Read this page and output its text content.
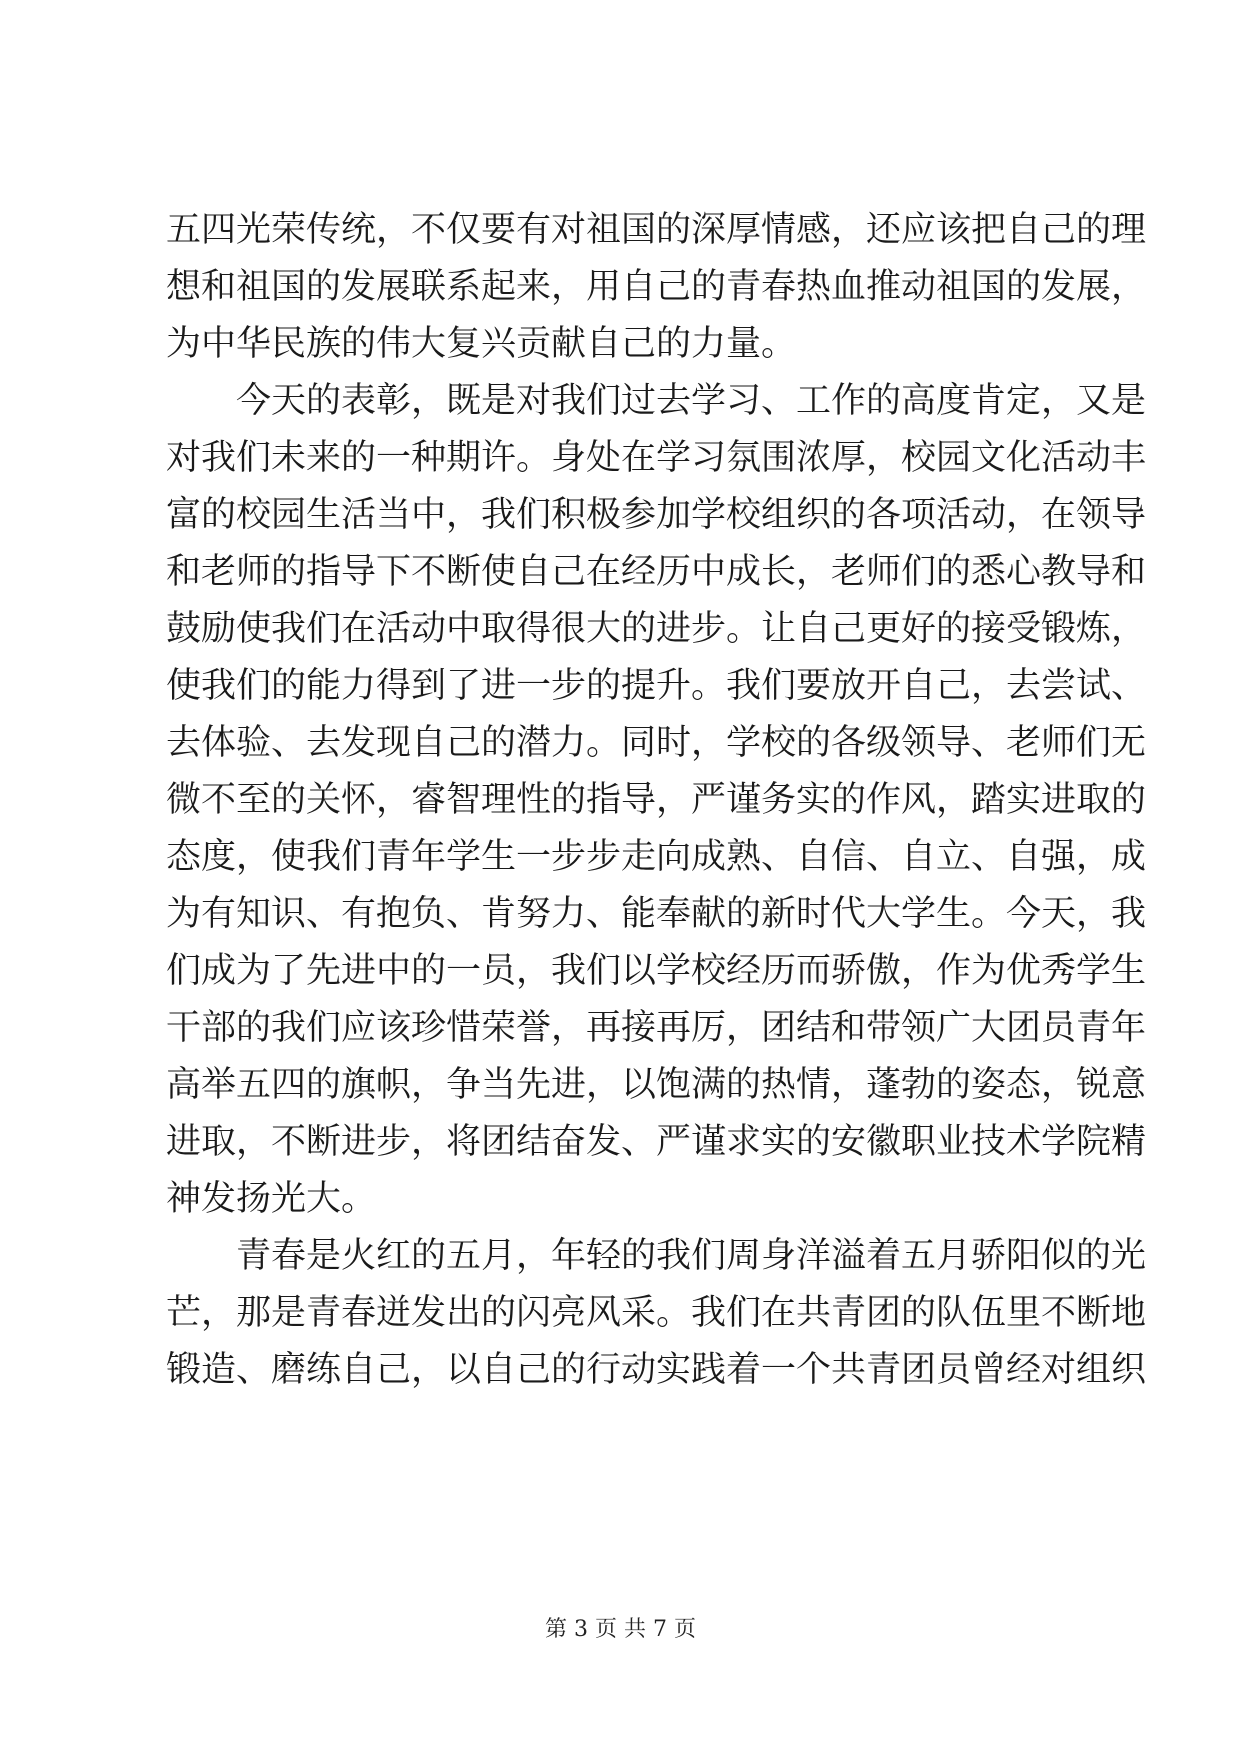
五四光荣传统，不仅要有对祖国的深厚情感，还应该把自己的理
想和祖国的发展联系起来，用自己的青春热血推动祖国的发展，
为中华民族的伟大复兴贡献自己的力量。
今天的表彰，既是对我们过去学习、工作的高度肯定，又是
对我们未来的一种期许。身处在学习氛围浓厚，校园文化活动丰
富的校园生活当中，我们积极参加学校组织的各项活动，在领导
和老师的指导下不断使自己在经历中成长，老师们的悉心教导和
鼓励使我们在活动中取得很大的进步。让自己更好的接受锻炼，
使我们的能力得到了进一步的提升。我们要放开自己，去尝试、
去体验、去发现自己的潜力。同时，学校的各级领导、老师们无
微不至的关怀，睿智理性的指导，严谨务实的作风，踏实进取的
态度，使我们青年学生一步步走向成熟、自信、自立、自强，成
为有知识、有抱负、肯努力、能奉献的新时代大学生。今天，我
们成为了先进中的一员，我们以学校经历而骄傲，作为优秀学生
干部的我们应该珍惜荣誉，再接再厉，团结和带领广大团员青年
高举五四的旗帜，争当先进，以饱满的热情，蓬勃的姿态，锐意
进取，不断进步，将团结奋发、严谨求实的安徽职业技术学院精
神发扬光大。
青春是火红的五月，年轻的我们周身洋溢着五月骄阳似的光
芒，那是青春迸发出的闪亮风采。我们在共青团的队伍里不断地
锻造、磨练自己，以自己的行动实践着一个共青团员曾经对组织
第 3 页 共 7 页
